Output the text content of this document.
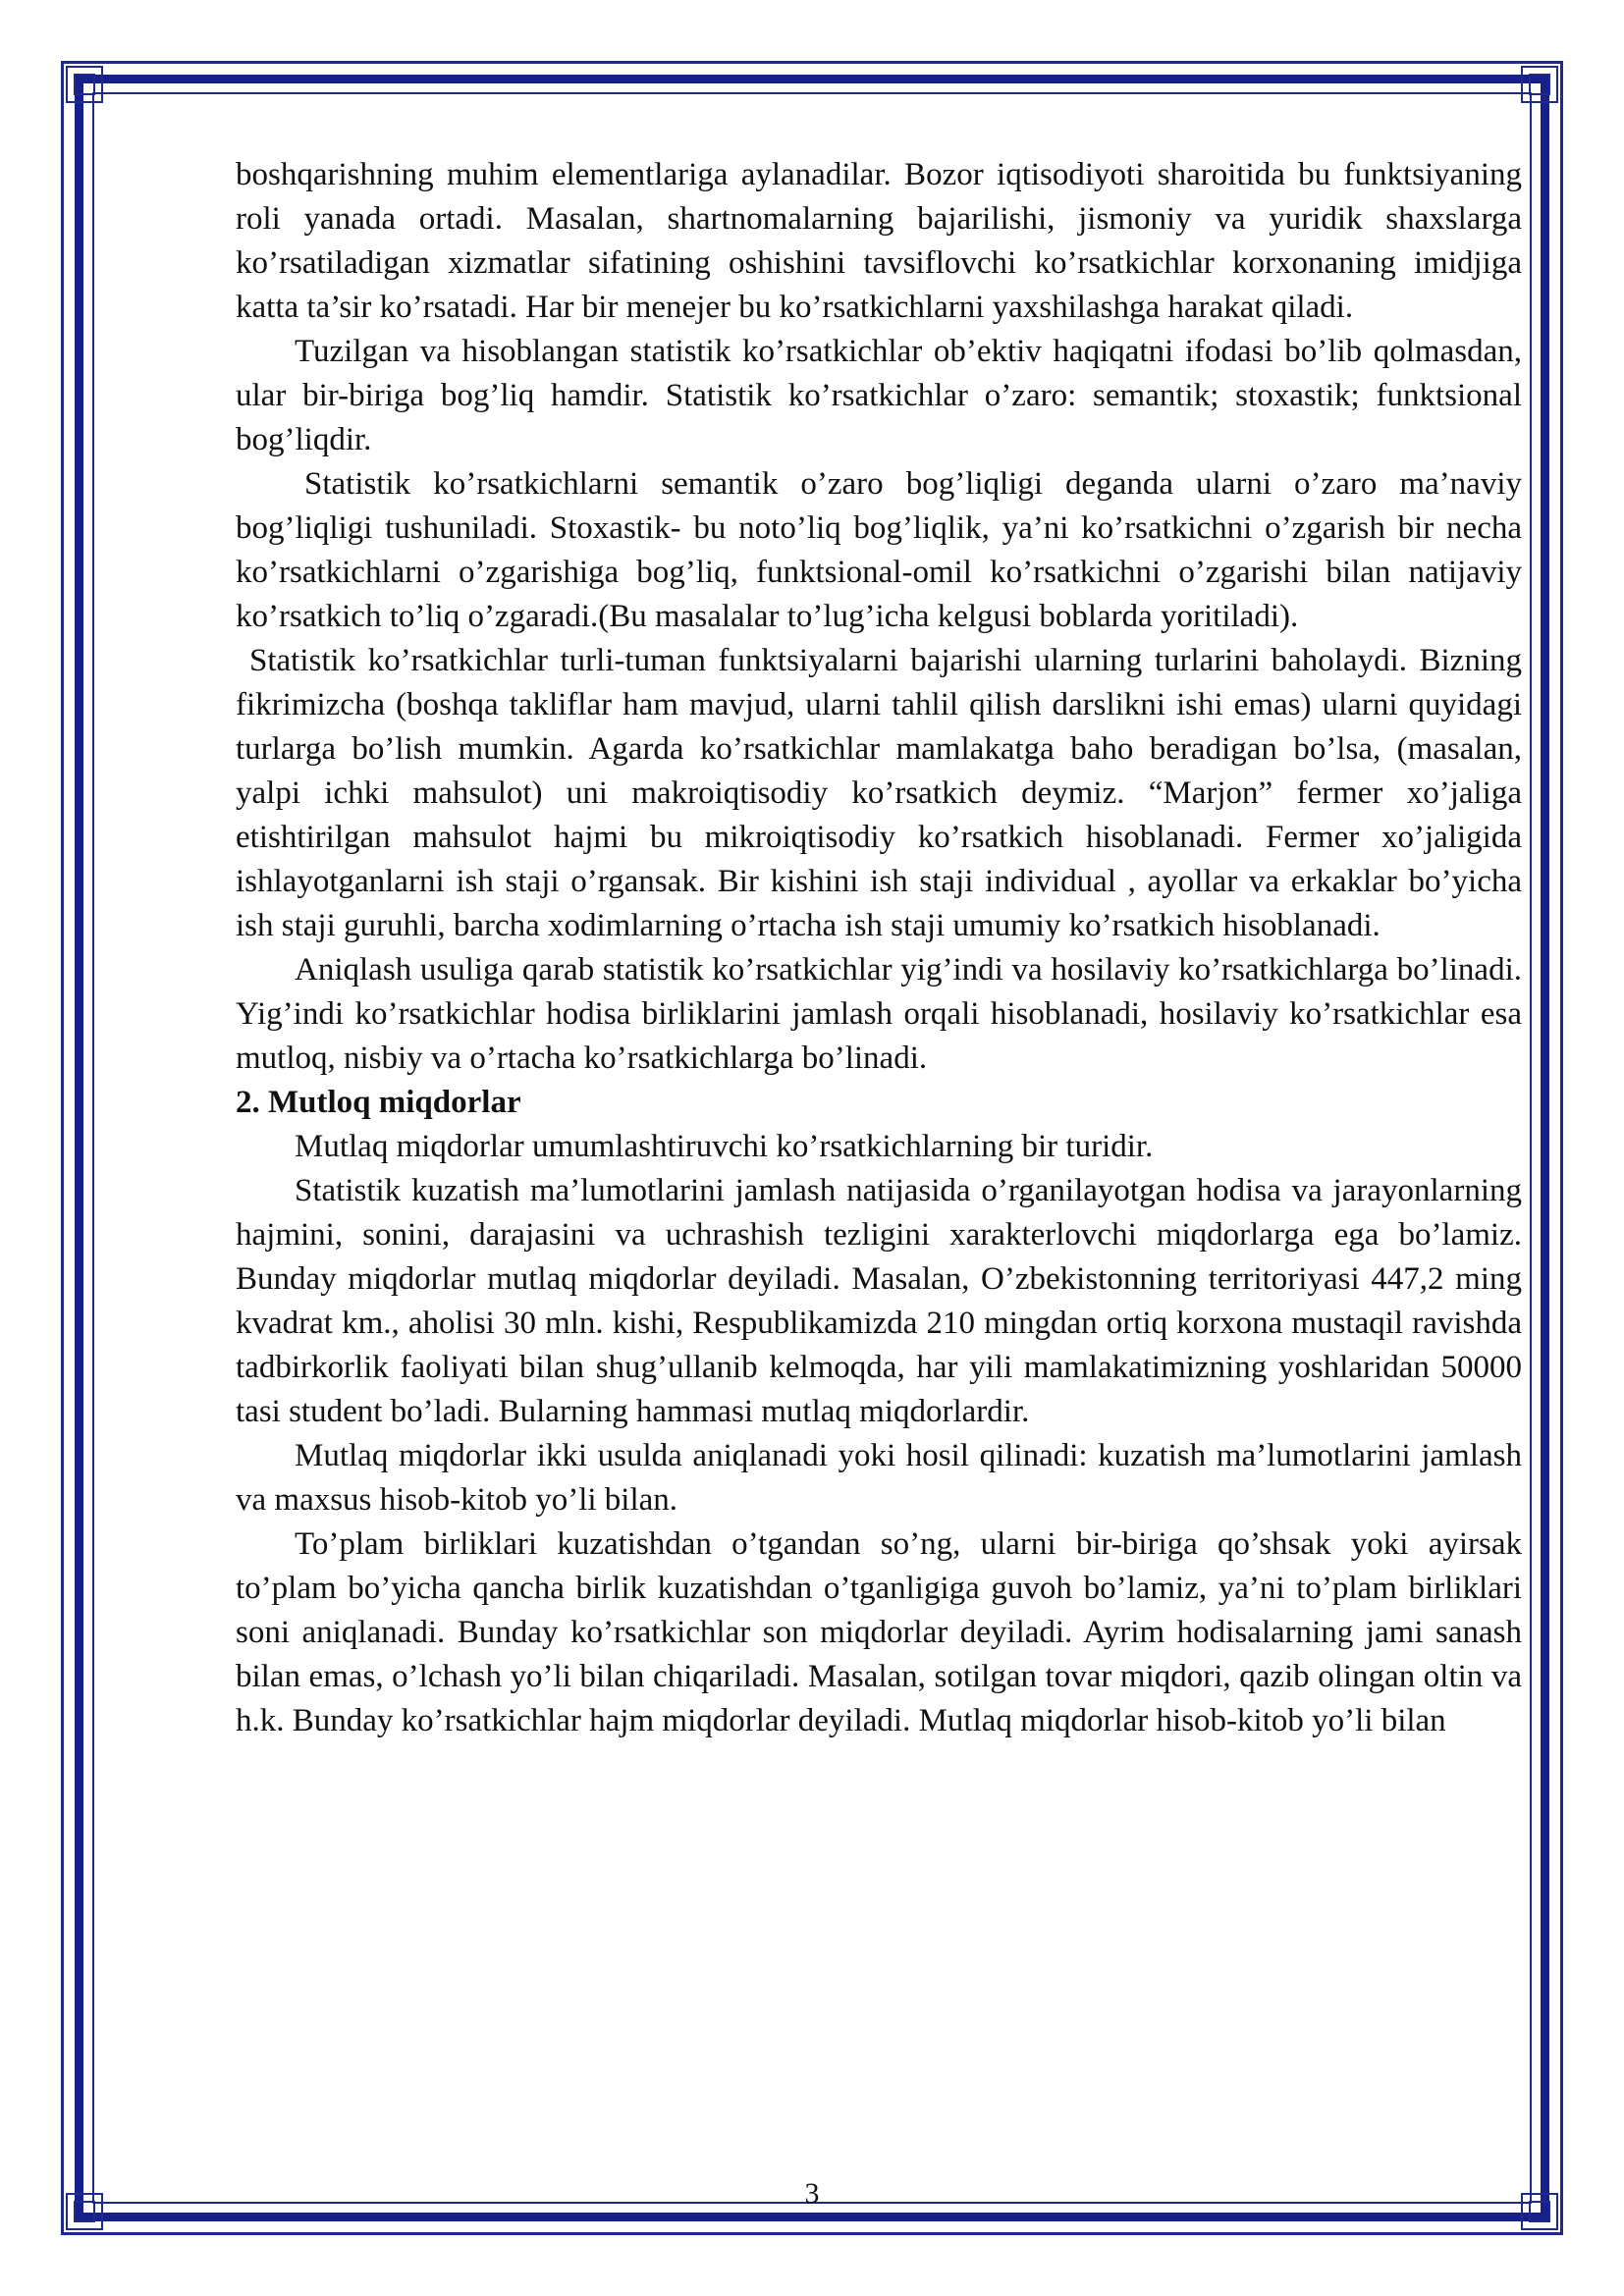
boshqarishning muhim elementlariga aylanadilar. Bozor iqtisodiyoti sharoitida bu funktsiyaning roli yanada ortadi. Masalan, shartnomalarning bajarilishi, jismoniy va yuridik shaxslarga ko’rsatiladigan xizmatlar sifatining oshishini tavsiflovchi ko’rsatkichlar korxonaning imidjiga katta ta’sir ko’rsatadi. Har bir menejer bu ko’rsatkichlarni yaxshilashga harakat qiladi.

Tuzilgan va hisoblangan statistik ko’rsatkichlar ob’ektiv haqiqatni ifodasi bo’lib qolmasdan, ular bir-biriga bog’liq hamdir. Statistik ko’rsatkichlar o’zaro: semantik; stoxastik; funktsional bog’liqdir.

Statistik ko’rsatkichlarni semantik o’zaro bog’liqligi deganda ularni o’zaro ma’naviy bog’liqligi tushuniladi. Stoxastik- bu noto’liq bog’liqlik, ya’ni ko’rsatkichni o’zgarish bir necha ko’rsatkichlarni o’zgarishiga bog’liq, funktsional-omil ko’rsatkichni o’zgarishi bilan natijaviy ko’rsatkich to’liq o’zgaradi.(Bu masalalar to’lug’icha kelgusi boblarda yoritiladi).

Statistik ko’rsatkichlar turli-tuman funktsiyalarni bajarishi ularning turlarini baholaydi. Bizning fikrimizcha (boshqa takliflar ham mavjud, ularni tahlil qilish darslikni ishi emas) ularni quyidagi turlarga bo’lish mumkin. Agarda ko’rsatkichlar mamlakatga baho beradigan bo’lsa, (masalan, yalpi ichki mahsulot) uni makroiqtisodiy ko’rsatkich deymiz. “Marjon” fermer xo’jaliga etishtirilgan mahsulot hajmi bu mikroiqtisodiy ko’rsatkich hisoblanadi. Fermer xo’jaligida ishlayotganlarni ish staji o’rgansak. Bir kishini ish staji individual , ayollar va erkaklar bo’yicha ish staji guruhli, barcha xodimlarning o’rtacha ish staji umumiy ko’rsatkich hisoblanadi.

Aniqlash usuliga qarab statistik ko’rsatkichlar yig’indi va hosilaviy ko’rsatkichlarga bo’linadi. Yig’indi ko’rsatkichlar hodisa birliklarini jamlash orqali hisoblanadi, hosilaviy ko’rsatkichlar esa mutloq, nisbiy va o’rtacha ko’rsatkichlarga bo’linadi.

2. Mutloq miqdorlar

Mutlaq miqdorlar umumlashtiruvchi ko’rsatkichlarning bir turidir.

Statistik kuzatish ma’lumotlarini jamlash natijasida o’rganilayotgan hodisa va jarayonlarning hajmini, sonini, darajasini va uchrashish tezligini xarakterlovchi miqdorlarga ega bo’lamiz. Bunday miqdorlar mutlaq miqdorlar deyiladi. Masalan, O’zbekistonning territoriyasi 447,2 ming kvadrat km., aholisi 30 mln. kishi, Respublikamizda 210 mingdan ortiq korxona mustaqil ravishda tadbirkorlik faoliyati bilan shug’ullanib kelmoqda, har yili mamlakatimizning yoshlaridan 50000 tasi student bo’ladi. Bularning hammasi mutlaq miqdorlardir.

Mutlaq miqdorlar ikki usulda aniqlanadi yoki hosil qilinadi: kuzatish ma’lumotlarini jamlash va maxsus hisob-kitob yo’li bilan.

To’plam birliklari kuzatishdan o’tgandan so’ng, ularni bir-biriga qo’shsak yoki ayirsak to’plam bo’yicha qancha birlik kuzatishdan o’tganligiga guvoh bo’lamiz, ya’ni to’plam birliklari soni aniqlanadi. Bunday ko’rsatkichlar son miqdorlar deyiladi. Ayrim hodisalarning jami sanash bilan emas, o’lchash yo’li bilan chiqariladi. Masalan, sotilgan tovar miqdori, qazib olingan oltin va h.k. Bunday ko’rsatkichlar hajm miqdorlar deyiladi. Mutlaq miqdorlar hisob-kitob yo’li bilan

3
